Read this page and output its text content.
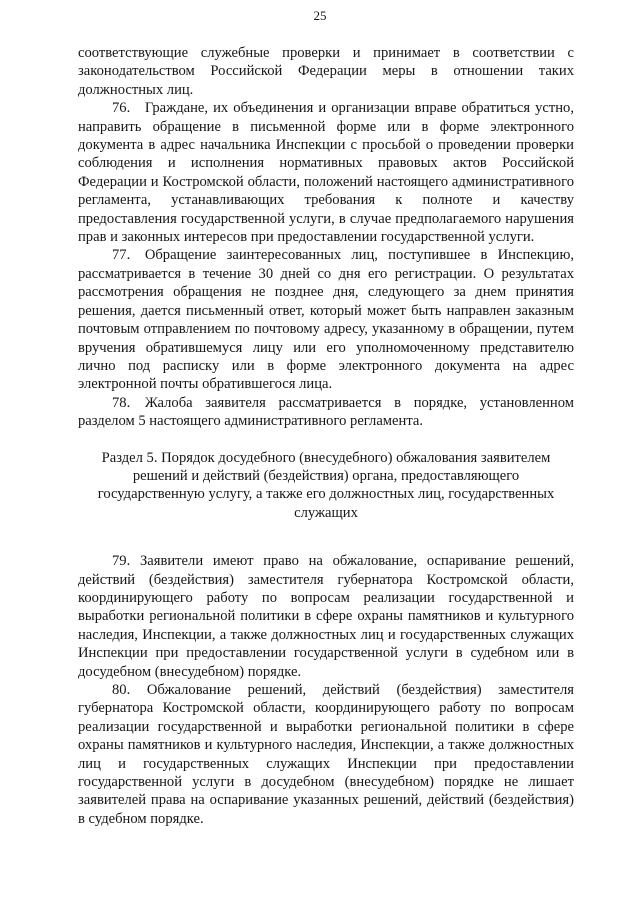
25

соответствующие служебные проверки и принимает в соответствии с законодательством Российской Федерации меры в отношении таких должностных лиц.

76. Граждане, их объединения и организации вправе обратиться устно, направить обращение в письменной форме или в форме электронного документа в адрес начальника Инспекции с просьбой о проведении проверки соблюдения и исполнения нормативных правовых актов Российской Федерации и Костромской области, положений настоящего административного регламента, устанавливающих требования к полноте и качеству предоставления государственной услуги, в случае предполагаемого нарушения прав и законных интересов при предоставлении государственной услуги.

77. Обращение заинтересованных лиц, поступившее в Инспекцию, рассматривается в течение 30 дней со дня его регистрации. О результатах рассмотрения обращения не позднее дня, следующего за днем принятия решения, дается письменный ответ, который может быть направлен заказным почтовым отправлением по почтовому адресу, указанному в обращении, путем вручения обратившемуся лицу или его уполномоченному представителю лично под расписку или в форме электронного документа на адрес электронной почты обратившегося лица.

78. Жалоба заявителя рассматривается в порядке, установленном разделом 5 настоящего административного регламента.

Раздел 5. Порядок досудебного (внесудебного) обжалования заявителем решений и действий (бездействия) органа, предоставляющего государственную услугу, а также его должностных лиц, государственных служащих

79. Заявители имеют право на обжалование, оспаривание решений, действий (бездействия) заместителя губернатора Костромской области, координирующего работу по вопросам реализации государственной и выработки региональной политики в сфере охраны памятников и культурного наследия, Инспекции, а также должностных лиц и государственных служащих Инспекции при предоставлении государственной услуги в судебном или в досудебном (внесудебном) порядке.

80. Обжалование решений, действий (бездействия) заместителя губернатора Костромской области, координирующего работу по вопросам реализации государственной и выработки региональной политики в сфере охраны памятников и культурного наследия, Инспекции, а также должностных лиц и государственных служащих Инспекции при предоставлении государственной услуги в досудебном (внесудебном) порядке не лишает заявителей права на оспаривание указанных решений, действий (бездействия) в судебном порядке.
